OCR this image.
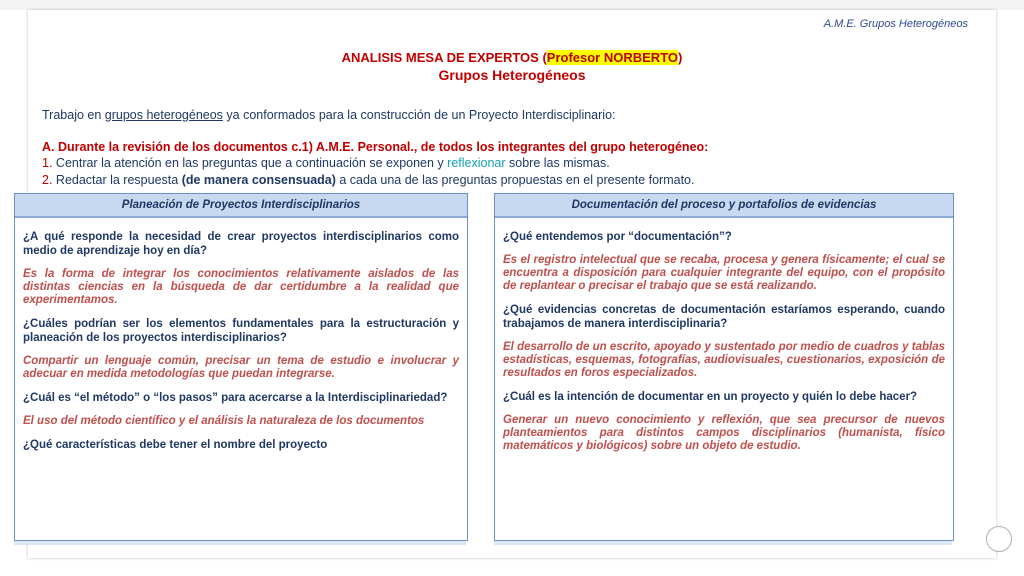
A.M.E. Grupos Heterogéneos
ANALISIS MESA DE EXPERTOS (Profesor NORBERTO)
Grupos Heterogéneos
Trabajo en grupos heterogéneos ya conformados para la construcción de un Proyecto Interdisciplinario:
A. Durante la revisión de los documentos c.1) A.M.E. Personal., de todos los integrantes del grupo heterogéneo:
1. Centrar la atención en las preguntas que a continuación se exponen y reflexionar sobre las mismas.
2. Redactar la respuesta (de manera consensuada) a cada una de las preguntas propuestas en el presente formato.
Planeación de Proyectos Interdisciplinarios
¿A qué responde la necesidad de crear proyectos interdisciplinarios como medio de aprendizaje hoy en día?
Es la forma de integrar los conocimientos relativamente aislados de las distintas ciencias en la búsqueda de dar certidumbre a la realidad que experimentamos.
¿Cuáles podrían ser los elementos fundamentales para la estructuración y planeación de los proyectos interdisciplinarios?
Compartir un lenguaje común, precisar un tema de estudio e involucrar y adecuar en medida metodologías que puedan integrarse.
¿Cuál es “el método” o “los pasos” para acercarse a la Interdisciplinariedad?
El uso del método científico y el análisis la naturaleza de los documentos
¿Qué características debe tener el nombre del proyecto
Documentación del proceso y portafolios de evidencias
¿Qué entendemos por “documentación”?
Es el registro intelectual que se recaba, procesa y genera físicamente; el cual se encuentra a disposición para cualquier integrante del equipo, con el propósito de replantear o precisar el trabajo que se está realizando.
¿Qué evidencias concretas de documentación estaríamos esperando, cuando trabajamos de manera interdisciplinaria?
El desarrollo de un escrito, apoyado y sustentado por medio de cuadros y tablas estadísticas, esquemas, fotografías, audiovisuales, cuestionarios, exposición de resultados en foros especializados.
¿Cuál es la intención de documentar en un proyecto y quién lo debe hacer?
Generar un nuevo conocimiento y reflexión, que sea precursor de nuevos planteamientos para distintos campos disciplinarios (humanista, físico matemáticos y biológicos) sobre un objeto de estudio.
